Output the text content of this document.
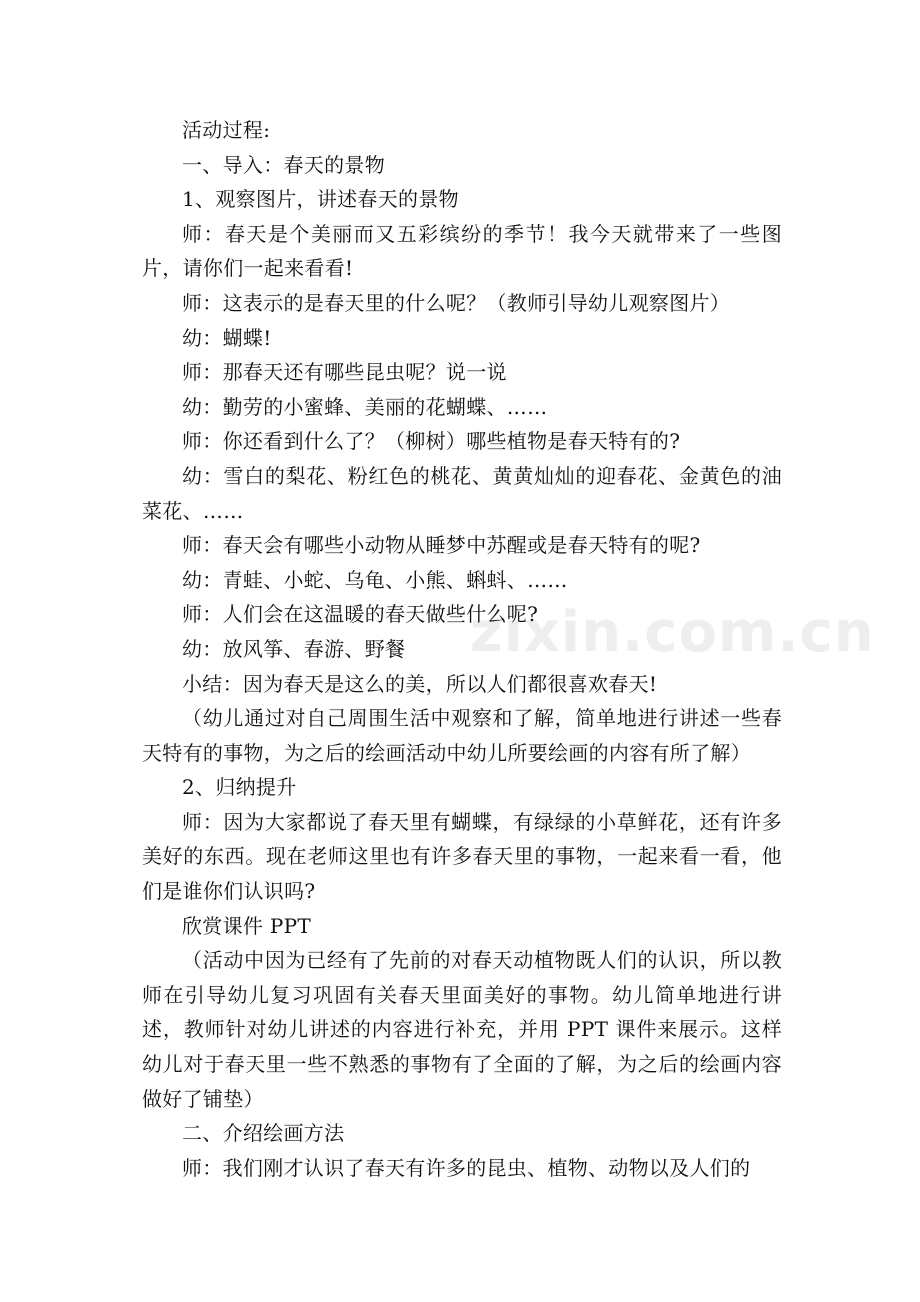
活动过程:

一、导入：春天的景物

1、观察图片，讲述春天的景物

师：春天是个美丽而又五彩缤纷的季节！我今天就带来了一些图片，请你们一起来看看!

师：这表示的是春天里的什么呢？（教师引导幼儿观察图片）

幼：蝴蝶!

师：那春天还有哪些昆虫呢？说一说

幼：勤劳的小蜜蜂、美丽的花蝴蝶、……

师：你还看到什么了？（柳树）哪些植物是春天特有的?

幼：雪白的梨花、粉红色的桃花、黄黄灿灿的迎春花、金黄色的油菜花、……

师：春天会有哪些小动物从睡梦中苏醒或是春天特有的呢?

幼：青蛙、小蛇、乌龟、小熊、蝌蚪、……

师：人们会在这温暖的春天做些什么呢?

幼：放风筝、春游、野餐

小结：因为春天是这么的美，所以人们都很喜欢春天!

（幼儿通过对自己周围生活中观察和了解，简单地进行讲述一些春天特有的事物，为之后的绘画活动中幼儿所要绘画的内容有所了解）

2、归纳提升

师：因为大家都说了春天里有蝴蝶，有绿绿的小草鲜花，还有许多美好的东西。现在老师这里也有许多春天里的事物，一起来看一看，他们是谁你们认识吗?

欣赏课件 PPT

（活动中因为已经有了先前的对春天动植物既人们的认识，所以教师在引导幼儿复习巩固有关春天里面美好的事物。幼儿简单地进行讲述，教师针对幼儿讲述的内容进行补充，并用 PPT 课件来展示。这样幼儿对于春天里一些不熟悉的事物有了全面的了解，为之后的绘画内容做好了铺垫）

二、介绍绘画方法

师：我们刚才认识了春天有许多的昆虫、植物、动物以及人们的

zixin.com.cn
